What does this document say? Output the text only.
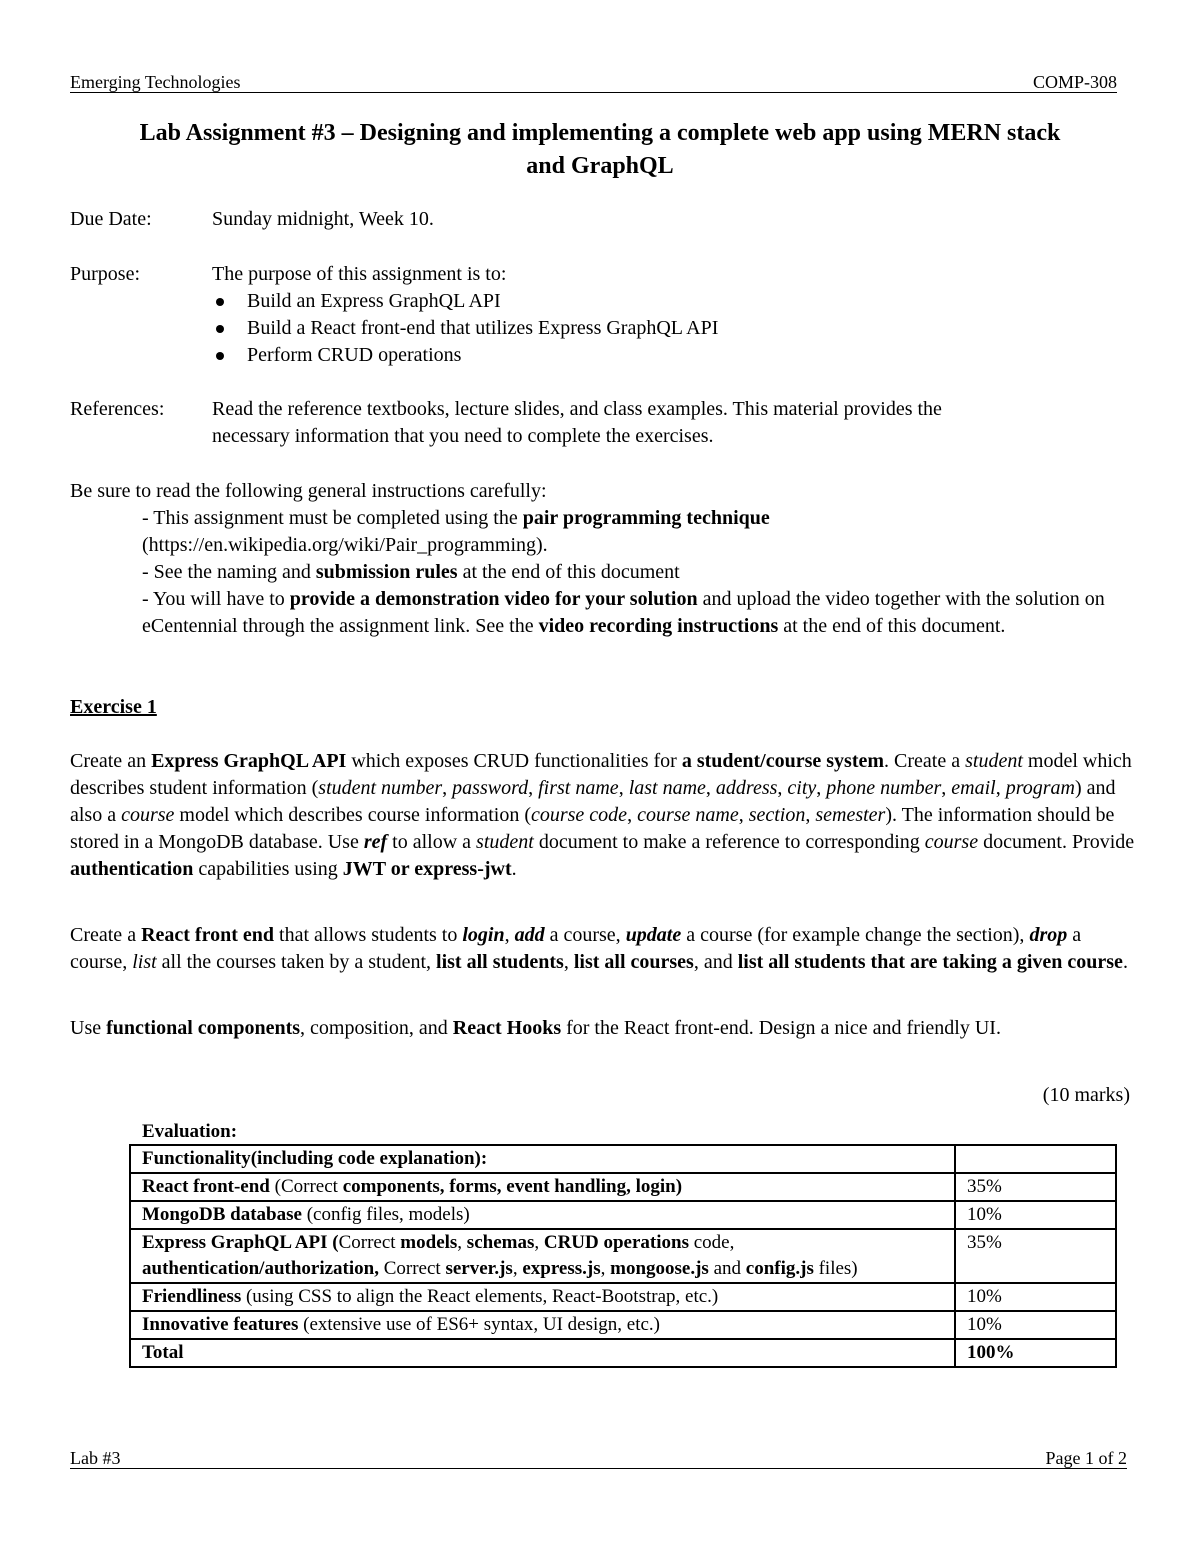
Emerging Technologies	COMP-308
Lab Assignment #3 – Designing and implementing a complete web app using MERN stack
and GraphQL
Due Date:	Sunday midnight, Week 10.
Purpose:	The purpose of this assignment is to:
Build an Express GraphQL API
Build a React front-end that utilizes Express GraphQL API
Perform CRUD operations
References: Read the reference textbooks, lecture slides, and class examples. This material provides the
necessary information that you need to complete the exercises.

Be sure to read the following general instructions carefully:

- This assignment must be completed using the pair programming technique
(https://en.wikipedia.org/wiki/Pair_programming).
- See the naming and submission rules at the end of this document
- You will have to provide a demonstration video for your solution and upload the video together with the solution on eCentennial through the assignment link. See the video recording instructions at the end of this document.
Exercise 1
Create an Express GraphQL API which exposes CRUD functionalities for a student/course system. Create a student model which describes student information (student number, password, first name, last name, address, city, phone number, email, program) and also a course model which describes course information (course code, course name, section, semester). The information should be stored in a MongoDB database. Use ref to allow a student document to make a reference to corresponding course document. Provide authentication capabilities using JWT or express-jwt.
Create a React front end that allows students to login, add a course, update a course (for example change the section), drop a course, list all the courses taken by a student, list all students, list all courses, and list all students that are taking a given course.
Use functional components, composition, and React Hooks for the React front-end. Design a nice and friendly UI.
(10 marks)
Evaluation:
Functionality(including code explanation):	
React front-end (Correct components, forms, event handling, login)	35%
MongoDB database (config files, models)	10%
Express GraphQL API (Correct models, schemas, CRUD operations code, authentication/authorization, Correct server.js, express.js, mongoose.js and config.js files)	35%
Friendliness (using CSS to align the React elements, React-Bootstrap, etc.)	10%
Innovative features (extensive use of ES6+ syntax, UI design, etc.)	10%
Total	100%
Lab #3	Page 1 of 2
